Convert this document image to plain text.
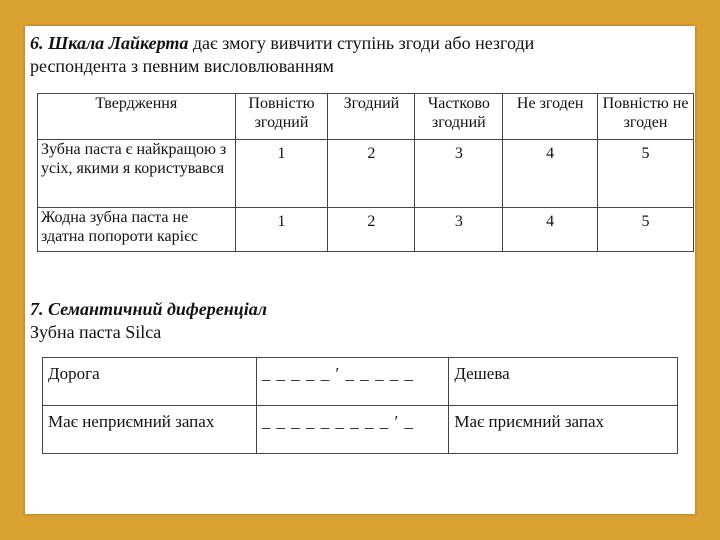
6. Шкала Лайкерта дає змогу вивчити ступінь згоди або незгоди
респондента з певним висловлюванням
Твердження	Повністю згодний	Згодний	Частково згодний	Не згоден	Повністю не згоден
Зубна паста є найкращою з усіх, якими я користувався	1	2	3	4	5
Жодна зубна паста не здатна попороти карієс	1	2	3	4	5
7. Семантичний диференціал
Зубна паста Silca
Дорога	_ _ _ _ _ ʹ _ _ _ _ _	Дешева
Має неприємний запах	_ _ _ _ _ _ _ _ _ ʹ _	Має приємний запах
